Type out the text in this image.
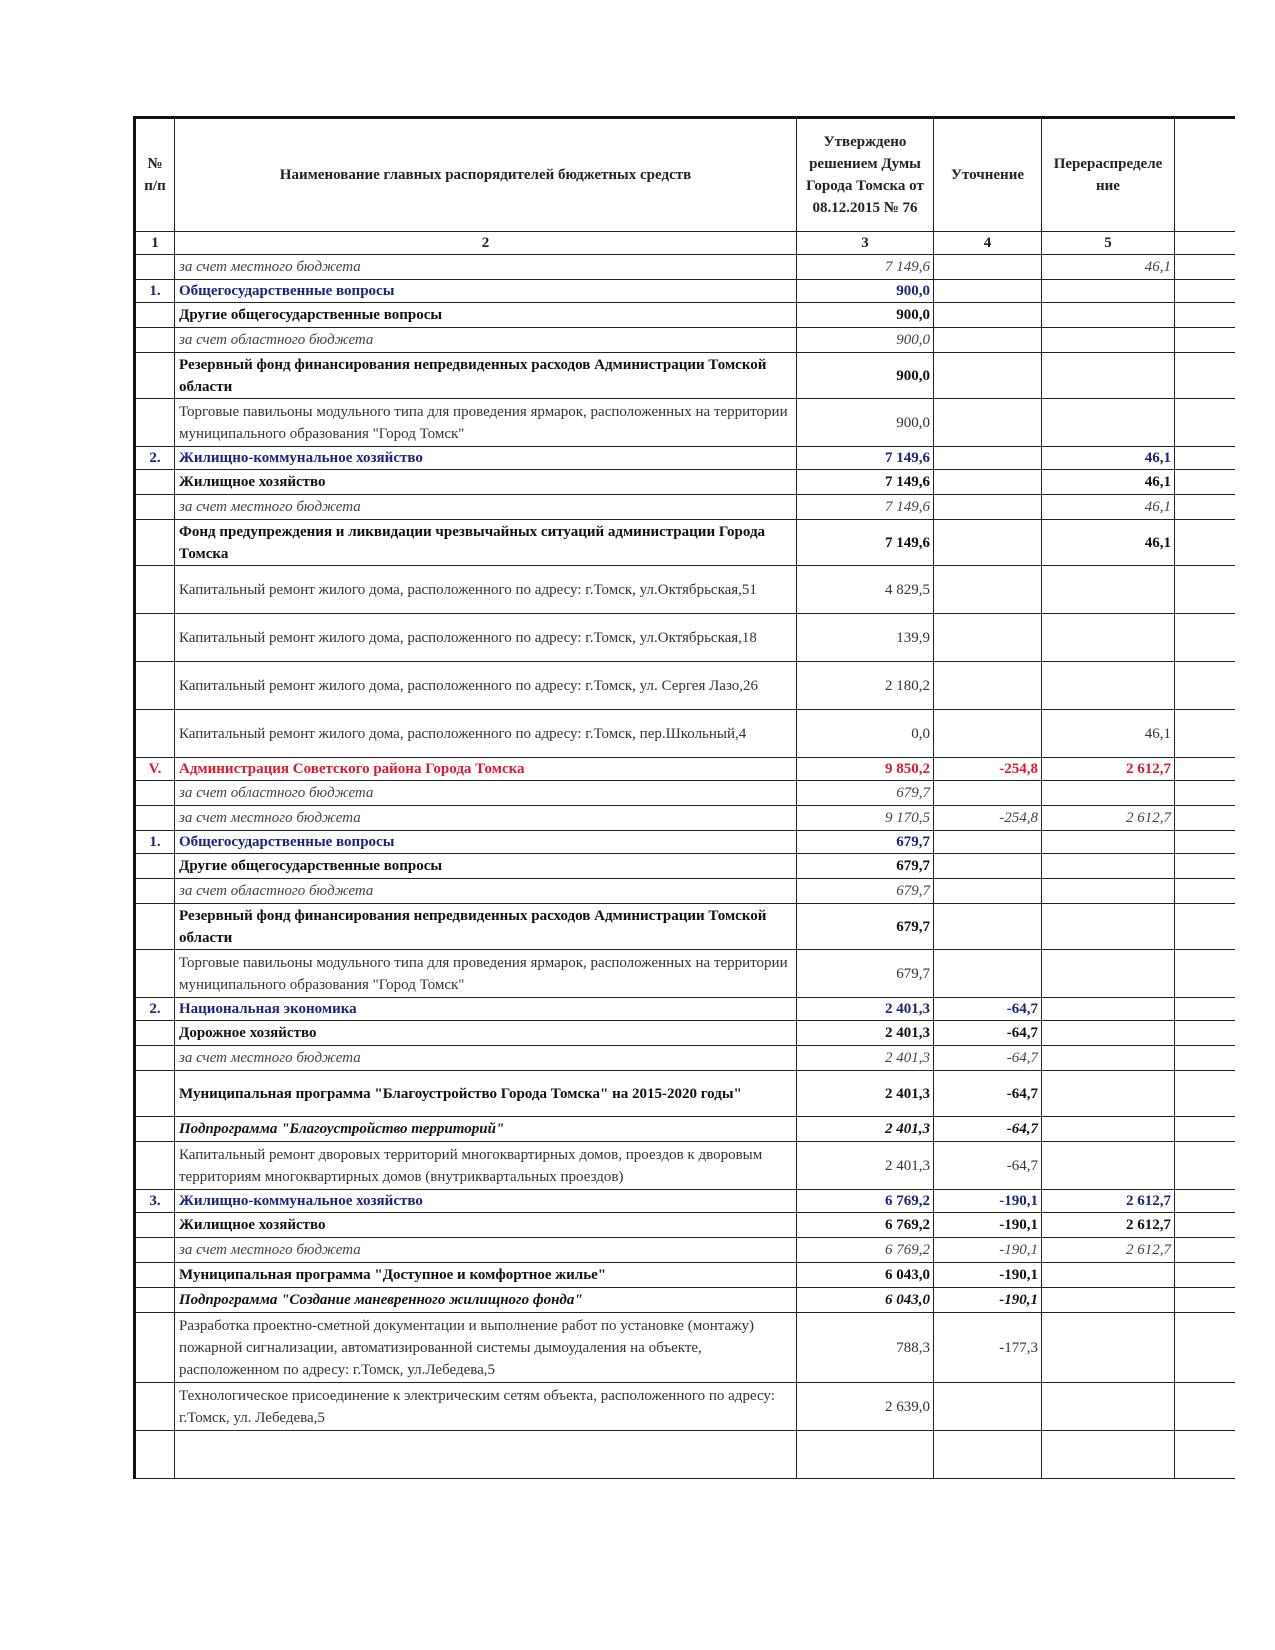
№ п/п	Наименование главных распорядителей бюджетных средств	Утверждено решением Думы Города Томска от 08.12.2015 № 76	Уточнение	Перераспределе ние	
1	2	3	4	5	
	за счет местного бюджета	7 149,6		46,1	
1.	Общегосударственные вопросы	900,0			
	Другие общегосударственные вопросы	900,0			
	за счет областного бюджета	900,0			
	Резервный фонд финансирования непредвиденных расходов Администрации Томской области	900,0			
	Торговые павильоны модульного типа для проведения ярмарок, расположенных на территории муниципального образования "Город Томск"	900,0			
2.	Жилищно-коммунальное хозяйство	7 149,6		46,1	
	Жилищное хозяйство	7 149,6		46,1	
	за счет местного бюджета	7 149,6		46,1	
	Фонд предупреждения и ликвидации чрезвычайных ситуаций администрации Города Томска	7 149,6		46,1	
	Капитальный ремонт жилого дома, расположенного по адресу: г.Томск, ул.Октябрьская,51	4 829,5			
	Капитальный ремонт жилого дома, расположенного по адресу: г.Томск, ул.Октябрьская,18	139,9			
	Капитальный ремонт жилого дома, расположенного по адресу: г.Томск, ул. Сергея Лазо,26	2 180,2			
	Капитальный ремонт жилого дома, расположенного по адресу: г.Томск, пер.Школьный,4	0,0		46,1	
V.	Администрация Советского района Города Томска	9 850,2	-254,8	2 612,7	
	за счет областного бюджета	679,7			
	за счет местного бюджета	9 170,5	-254,8	2 612,7	
1.	Общегосударственные вопросы	679,7			
	Другие общегосударственные вопросы	679,7			
	за счет областного бюджета	679,7			
	Резервный фонд финансирования непредвиденных расходов Администрации Томской области	679,7			
	Торговые павильоны модульного типа для проведения ярмарок, расположенных на территории муниципального образования "Город Томск"	679,7			
2.	Национальная экономика	2 401,3	-64,7		
	Дорожное хозяйство	2 401,3	-64,7		
	за счет местного бюджета	2 401,3	-64,7		
	Муниципальная программа "Благоустройство Города Томска" на 2015-2020 годы"	2 401,3	-64,7		
	Подпрограмма "Благоустройство территорий"	2 401,3	-64,7		
	Капитальный ремонт дворовых территорий многоквартирных домов, проездов к дворовым территориям многоквартирных домов (внутриквартальных проездов)	2 401,3	-64,7		
3.	Жилищно-коммунальное хозяйство	6 769,2	-190,1	2 612,7	
	Жилищное хозяйство	6 769,2	-190,1	2 612,7	
	за счет местного бюджета	6 769,2	-190,1	2 612,7	
	Муниципальная программа "Доступное и комфортное жилье"	6 043,0	-190,1		
	Подпрограмма "Создание маневренного жилищного фонда"	6 043,0	-190,1		
	Разработка проектно-сметной документации и выполнение работ по установке (монтажу) пожарной сигнализации, автоматизированной системы дымоудаления на объекте, расположенном по адресу: г.Томск, ул.Лебедева,5	788,3	-177,3		
	Технологическое присоединение к электрическим сетям объекта, расположенного по адресу: г.Томск, ул. Лебедева,5	2 639,0			
